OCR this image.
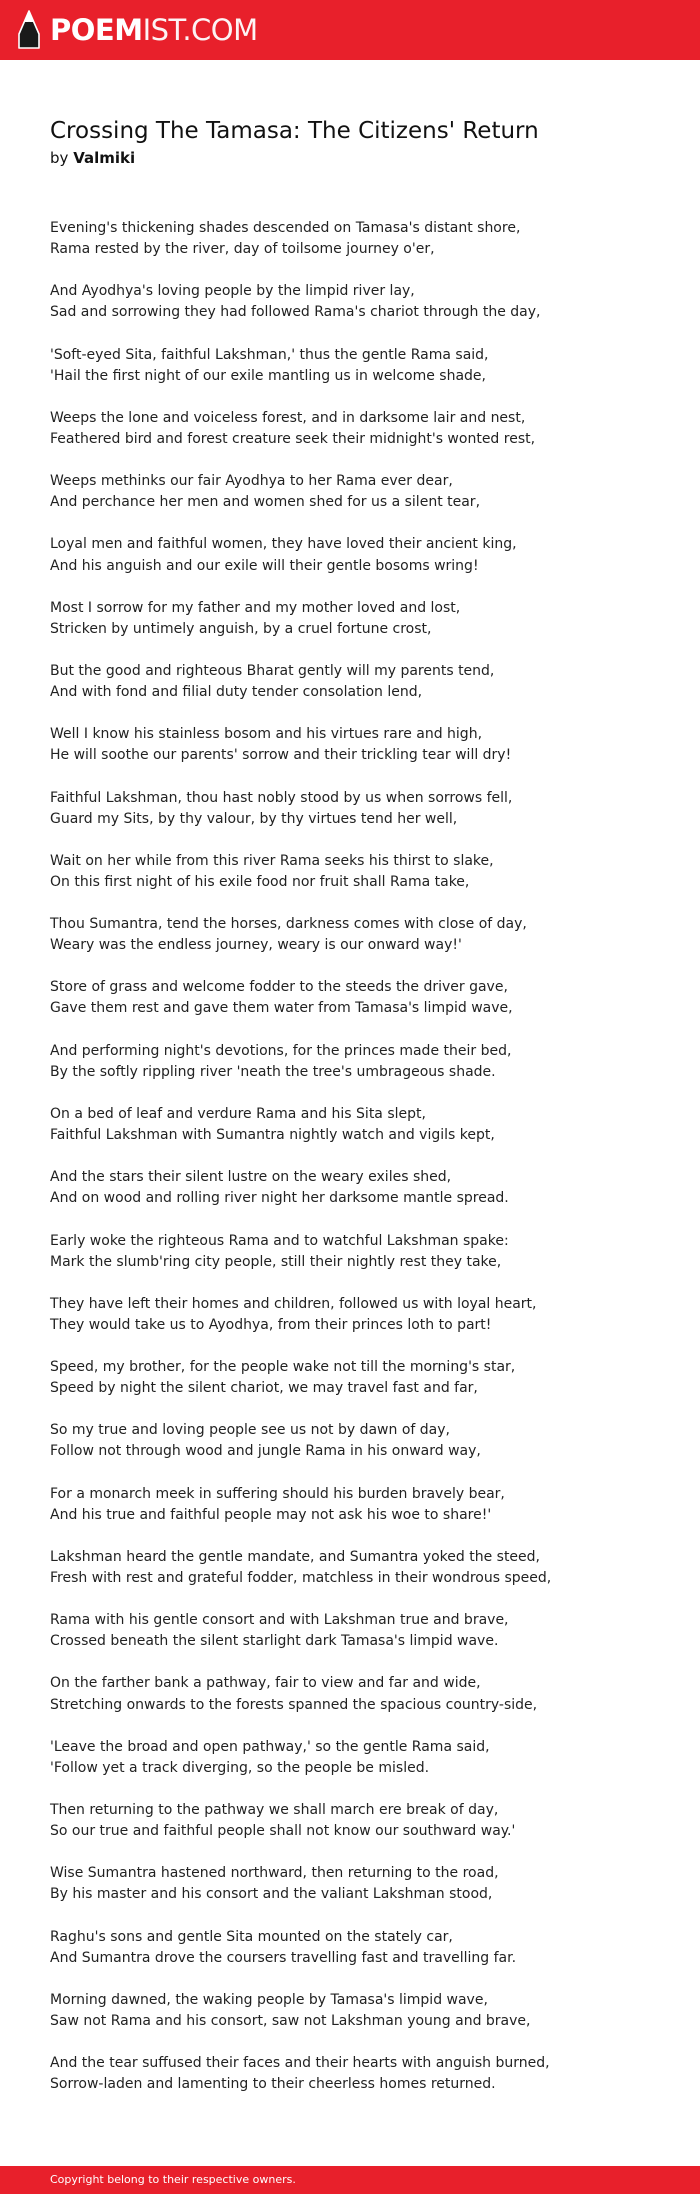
POEMIST.COM
Crossing The Tamasa: The Citizens' Return
by Valmiki

Evening's thickening shades descended on Tamasa's distant shore,
Rama rested by the river, day of toilsome journey o'er,

And Ayodhya's loving people by the limpid river lay,
Sad and sorrowing they had followed Rama's chariot through the day,

'Soft-eyed Sita, faithful Lakshman,' thus the gentle Rama said,
'Hail the first night of our exile mantling us in welcome shade,

Weeps the lone and voiceless forest, and in darksome lair and nest,
Feathered bird and forest creature seek their midnight's wonted rest,

Weeps methinks our fair Ayodhya to her Rama ever dear,
And perchance her men and women shed for us a silent tear,

Loyal men and faithful women, they have loved their ancient king,
And his anguish and our exile will their gentle bosoms wring!

Most I sorrow for my father and my mother loved and lost,
Stricken by untimely anguish, by a cruel fortune crost,

But the good and righteous Bharat gently will my parents tend,
And with fond and filial duty tender consolation lend,

Well I know his stainless bosom and his virtues rare and high,
He will soothe our parents' sorrow and their trickling tear will dry!

Faithful Lakshman, thou hast nobly stood by us when sorrows fell,
Guard my Sits, by thy valour, by thy virtues tend her well,

Wait on her while from this river Rama seeks his thirst to slake,
On this first night of his exile food nor fruit shall Rama take,

Thou Sumantra, tend the horses, darkness comes with close of day,
Weary was the endless journey, weary is our onward way!'

Store of grass and welcome fodder to the steeds the driver gave,
Gave them rest and gave them water from Tamasa's limpid wave,

And performing night's devotions, for the princes made their bed,
By the softly rippling river 'neath the tree's umbrageous shade.

On a bed of leaf and verdure Rama and his Sita slept,
Faithful Lakshman with Sumantra nightly watch and vigils kept,

And the stars their silent lustre on the weary exiles shed,
And on wood and rolling river night her darksome mantle spread.

Early woke the righteous Rama and to watchful Lakshman spake:
Mark the slumb'ring city people, still their nightly rest they take,

They have left their homes and children, followed us with loyal heart,
They would take us to Ayodhya, from their princes loth to part!

Speed, my brother, for the people wake not till the morning's star,
Speed by night the silent chariot, we may travel fast and far,

So my true and loving people see us not by dawn of day,
Follow not through wood and jungle Rama in his onward way,

For a monarch meek in suffering should his burden bravely bear,
And his true and faithful people may not ask his woe to share!'

Lakshman heard the gentle mandate, and Sumantra yoked the steed,
Fresh with rest and grateful fodder, matchless in their wondrous speed,

Rama with his gentle consort and with Lakshman true and brave,
Crossed beneath the silent starlight dark Tamasa's limpid wave.

On the farther bank a pathway, fair to view and far and wide,
Stretching onwards to the forests spanned the spacious country-side,

'Leave the broad and open pathway,' so the gentle Rama said,
'Follow yet a track diverging, so the people be misled.

Then returning to the pathway we shall march ere break of day,
So our true and faithful people shall not know our southward way.'

Wise Sumantra hastened northward, then returning to the road,
By his master and his consort and the valiant Lakshman stood,

Raghu's sons and gentle Sita mounted on the stately car,
And Sumantra drove the coursers travelling fast and travelling far.

Morning dawned, the waking people by Tamasa's limpid wave,
Saw not Rama and his consort, saw not Lakshman young and brave,

And the tear suffused their faces and their hearts with anguish burned,
Sorrow-laden and lamenting to their cheerless homes returned.

Copyright belong to their respective owners.
